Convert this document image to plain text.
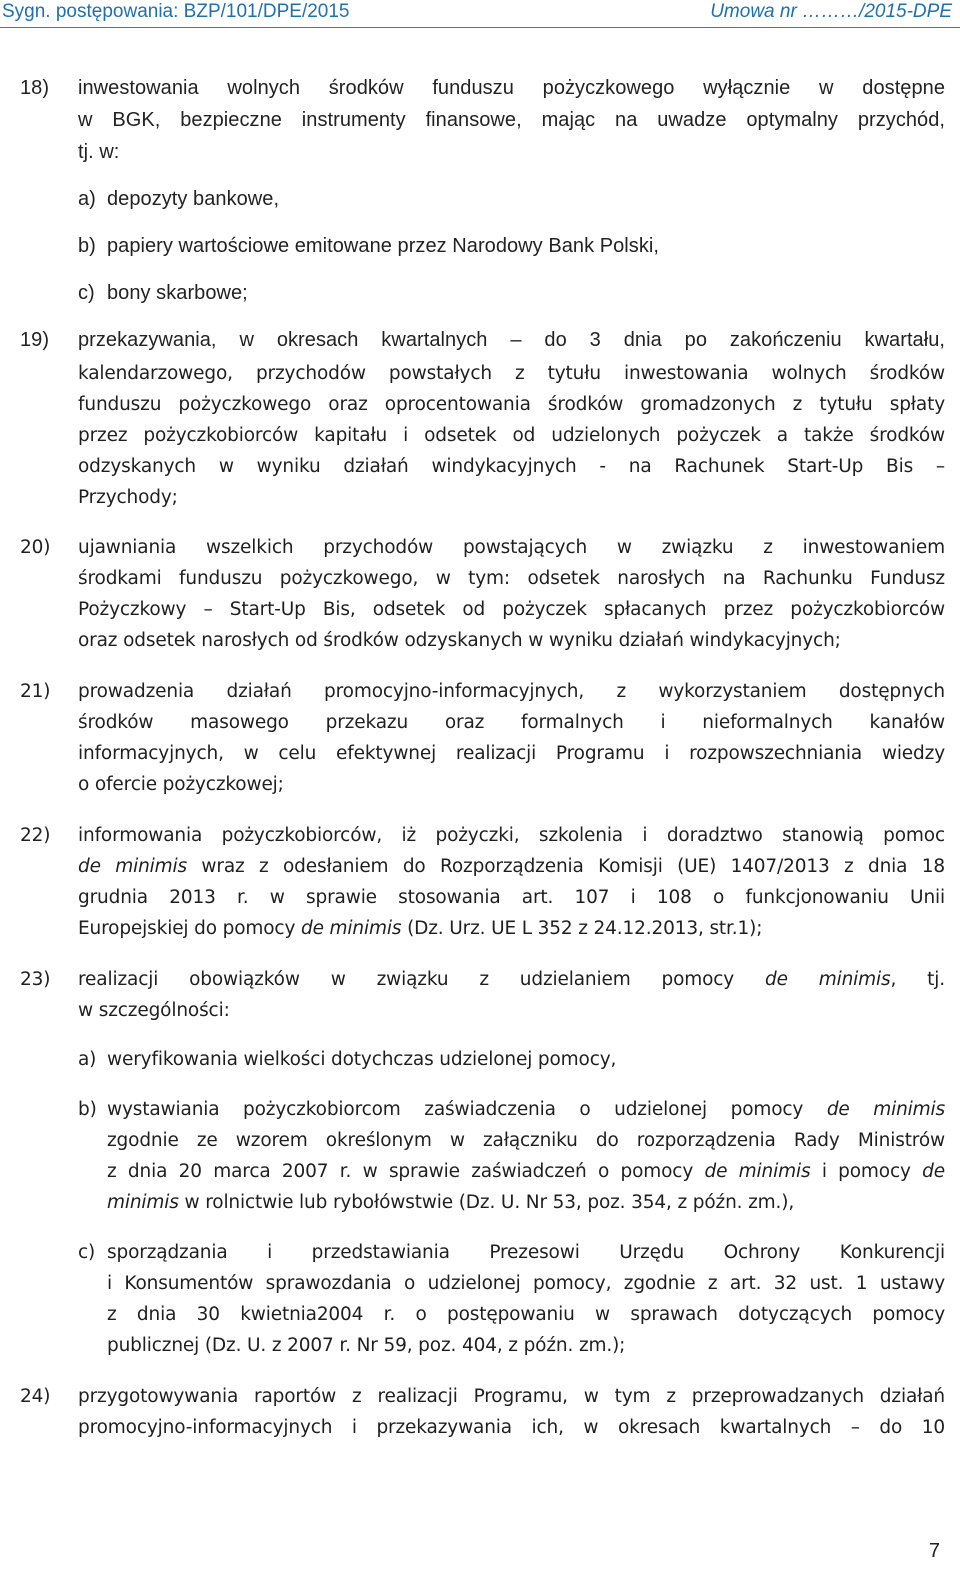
Sygn. postępowania: BZP/101/DPE/2015	Umowa nr ………/2015-DPE
18) inwestowania wolnych środków funduszu pożyczkowego wyłącznie w dostępne
w BGK, bezpieczne instrumenty finansowe, mając na uwadze optymalny przychód,
tj. w:
a) depozyty bankowe,
b) papiery wartościowe emitowane przez Narodowy Bank Polski,
c) bony skarbowe;
19) przekazywania, w okresach kwartalnych – do 3 dnia po zakończeniu kwartału,
kalendarzowego, przychodów powstałych z tytułu inwestowania wolnych środków
funduszu pożyczkowego oraz oprocentowania środków gromadzonych z tytułu spłaty
przez pożyczkobiorców kapitału i odsetek od udzielonych pożyczek a także środków
odzyskanych w wyniku działań windykacyjnych - na Rachunek Start-Up Bis –
Przychody;
20) ujawniania wszelkich przychodów powstających w związku z inwestowaniem
środkami funduszu pożyczkowego, w tym: odsetek narosłych na Rachunku Fundusz
Pożyczkowy – Start-Up Bis, odsetek od pożyczek spłacanych przez pożyczkobiorców
oraz odsetek narosłych od środków odzyskanych w wyniku działań windykacyjnych;
21) prowadzenia działań promocyjno-informacyjnych, z wykorzystaniem dostępnych
środków masowego przekazu oraz formalnych i nieformalnych kanałów
informacyjnych, w celu efektywnej realizacji Programu i rozpowszechniania wiedzy
o ofercie pożyczkowej;
22) informowania pożyczkobiorców, iż pożyczki, szkolenia i doradztwo stanowią pomoc
de minimis wraz z odesłaniem do Rozporządzenia Komisji (UE) 1407/2013 z dnia 18
grudnia 2013 r. w sprawie stosowania art. 107 i 108 o funkcjonowaniu Unii
Europejskiej do pomocy de minimis (Dz. Urz. UE L 352 z 24.12.2013, str.1);
23) realizacji obowiązków w związku z udzielaniem pomocy de minimis, tj.
w szczególności:
a) weryfikowania wielkości dotychczas udzielonej pomocy,
b) wystawiania pożyczkobiorcom zaświadczenia o udzielonej pomocy de minimis
zgodnie ze wzorem określonym w załączniku do rozporządzenia Rady Ministrów
z dnia 20 marca 2007 r. w sprawie zaświadczeń o pomocy de minimis i pomocy de
minimis w rolnictwie lub rybołówstwie (Dz. U. Nr 53, poz. 354, z późn. zm.),
c) sporządzania i przedstawiania Prezesowi Urzędu Ochrony Konkurencji
i Konsumentów sprawozdania o udzielonej pomocy, zgodnie z art. 32 ust. 1 ustawy
z dnia 30 kwietnia2004 r. o postępowaniu w sprawach dotyczących pomocy
publicznej (Dz. U. z 2007 r. Nr 59, poz. 404, z późn. zm.);
24) przygotowywania raportów z realizacji Programu, w tym z przeprowadzanych działań
promocyjno-informacyjnych i przekazywania ich, w okresach kwartalnych – do 10
7
